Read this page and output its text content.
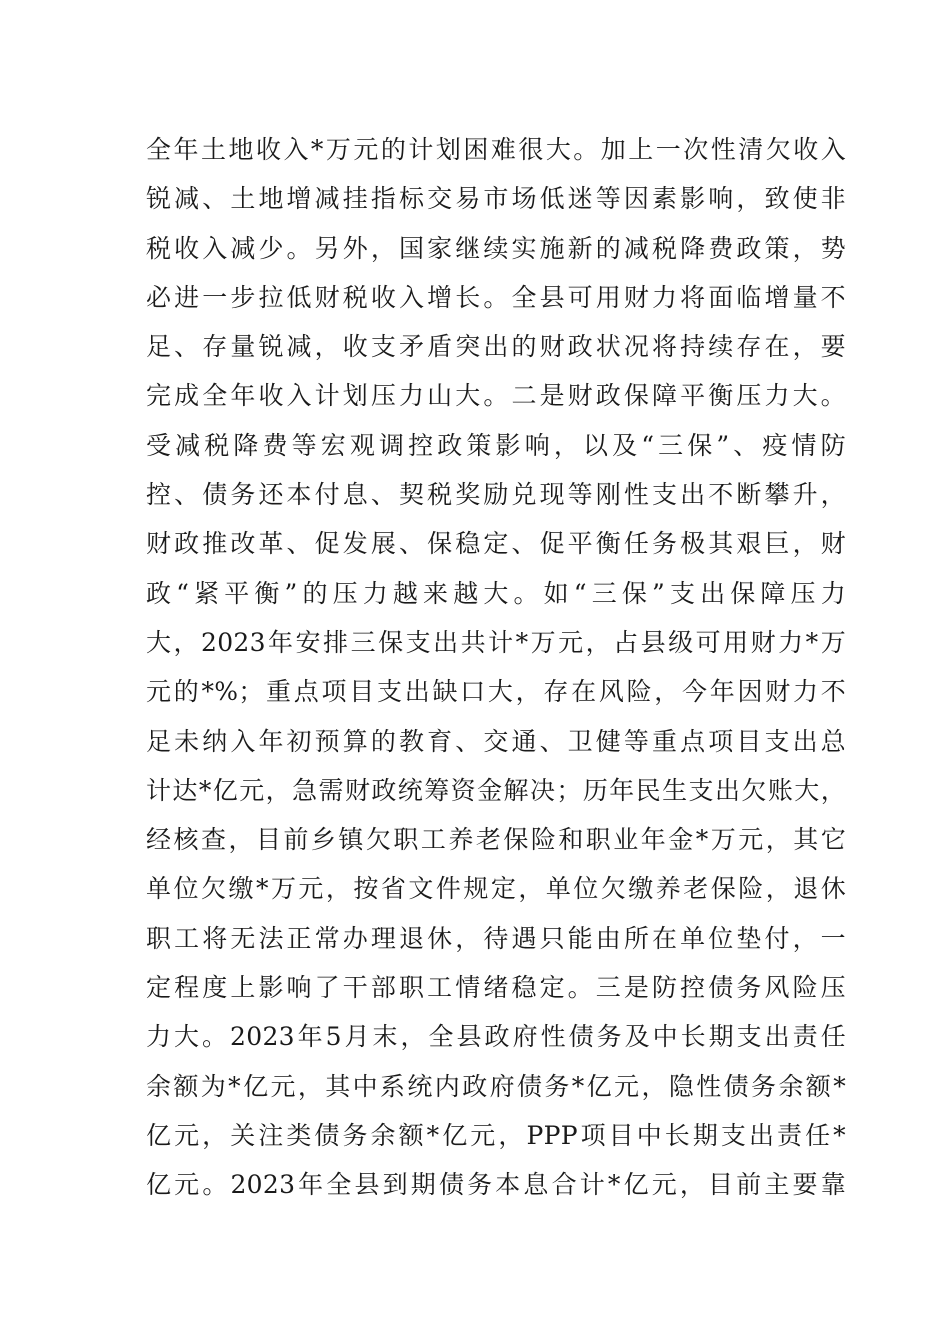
全年土地收入*万元的计划困难很大。加上一次性清欠收入
锐减、土地增减挂指标交易市场低迷等因素影响，致使非
税收入减少。另外，国家继续实施新的减税降费政策，势
必进一步拉低财税收入增长。全县可用财力将面临增量不
足、存量锐减，收支矛盾突出的财政状况将持续存在，要
完成全年收入计划压力山大。二是财政保障平衡压力大。
受减税降费等宏观调控政策影响，以及“三保”、疫情防
控、债务还本付息、契税奖励兑现等刚性支出不断攀升，
财政推改革、促发展、保稳定、促平衡任务极其艰巨，财
政“紧平衡”的压力越来越大。如“三保”支出保障压力
大，2023年安排三保支出共计*万元，占县级可用财力*万
元的*%；重点项目支出缺口大，存在风险，今年因财力不
足未纳入年初预算的教育、交通、卫健等重点项目支出总
计达*亿元，急需财政统筹资金解决；历年民生支出欠账大，
经核查，目前乡镇欠职工养老保险和职业年金*万元，其它
单位欠缴*万元，按省文件规定，单位欠缴养老保险，退休
职工将无法正常办理退休，待遇只能由所在单位垫付，一
定程度上影响了干部职工情绪稳定。三是防控债务风险压
力大。2023年5月末，全县政府性债务及中长期支出责任
余额为*亿元，其中系统内政府债务*亿元，隐性债务余额*
亿元，关注类债务余额*亿元，PPP项目中长期支出责任*
亿元。2023年全县到期债务本息合计*亿元，目前主要靠
